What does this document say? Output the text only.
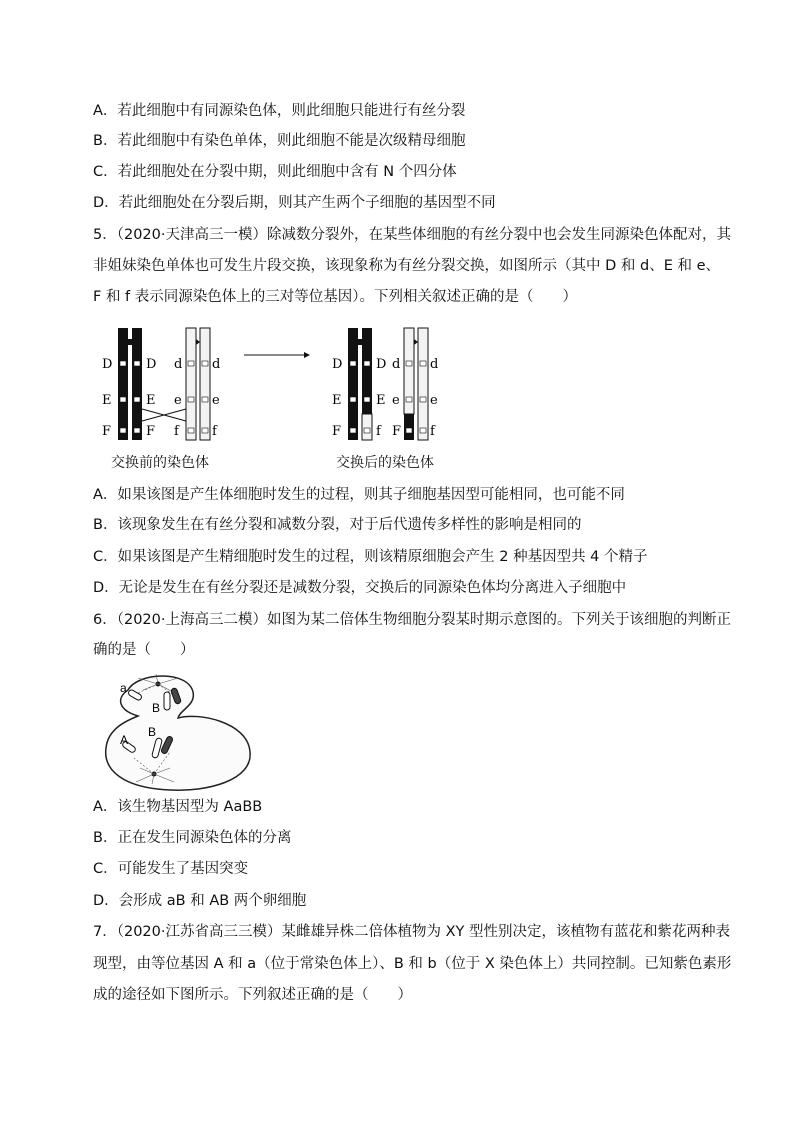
A．若此细胞中有同源染色体，则此细胞只能进行有丝分裂
B．若此细胞中有染色单体，则此细胞不能是次级精母细胞
C．若此细胞处在分裂中期，则此细胞中含有 N 个四分体
D．若此细胞处在分裂后期，则其产生两个子细胞的基因型不同
5．（2020·天津高三一模）除减数分裂外，在某些体细胞的有丝分裂中也会发生同源染色体配对，其
非姐妹染色单体也可发生片段交换，该现象称为有丝分裂交换，如图所示（其中 D 和 d、E 和 e、
F 和 f 表示同源染色体上的三对等位基因）。下列相关叙述正确的是（　　）
D	D
E	E
F	F
d d
e e
f	f
D	D
E	E
F	f
d d
e e
F f
交换前的染色体	交换后的染色体
A．如果该图是产生体细胞时发生的过程，则其子细胞基因型可能相同，也可能不同
B．该现象发生在有丝分裂和减数分裂，对于后代遗传多样性的影响是相同的
C．如果该图是产生精细胞时发生的过程，则该精原细胞会产生 2 种基因型共 4 个精子
D．无论是发生在有丝分裂还是减数分裂，交换后的同源染色体均分离进入子细胞中
6．（2020·上海高三二模）如图为某二倍体生物细胞分裂某时期示意图的。下列关于该细胞的判断正
确的是（　　）
a
B
A
B
A．该生物基因型为 AaBB
B．正在发生同源染色体的分离
C．可能发生了基因突变
D．会形成 aB 和 AB 两个卵细胞
7．（2020·江苏省高三三模）某雌雄异株二倍体植物为 XY 型性别决定，该植物有蓝花和紫花两种表
现型，由等位基因 A 和 a（位于常染色体上）、B 和 b（位于 X 染色体上）共同控制。已知紫色素形
成的途径如下图所示。下列叙述正确的是（　　）
